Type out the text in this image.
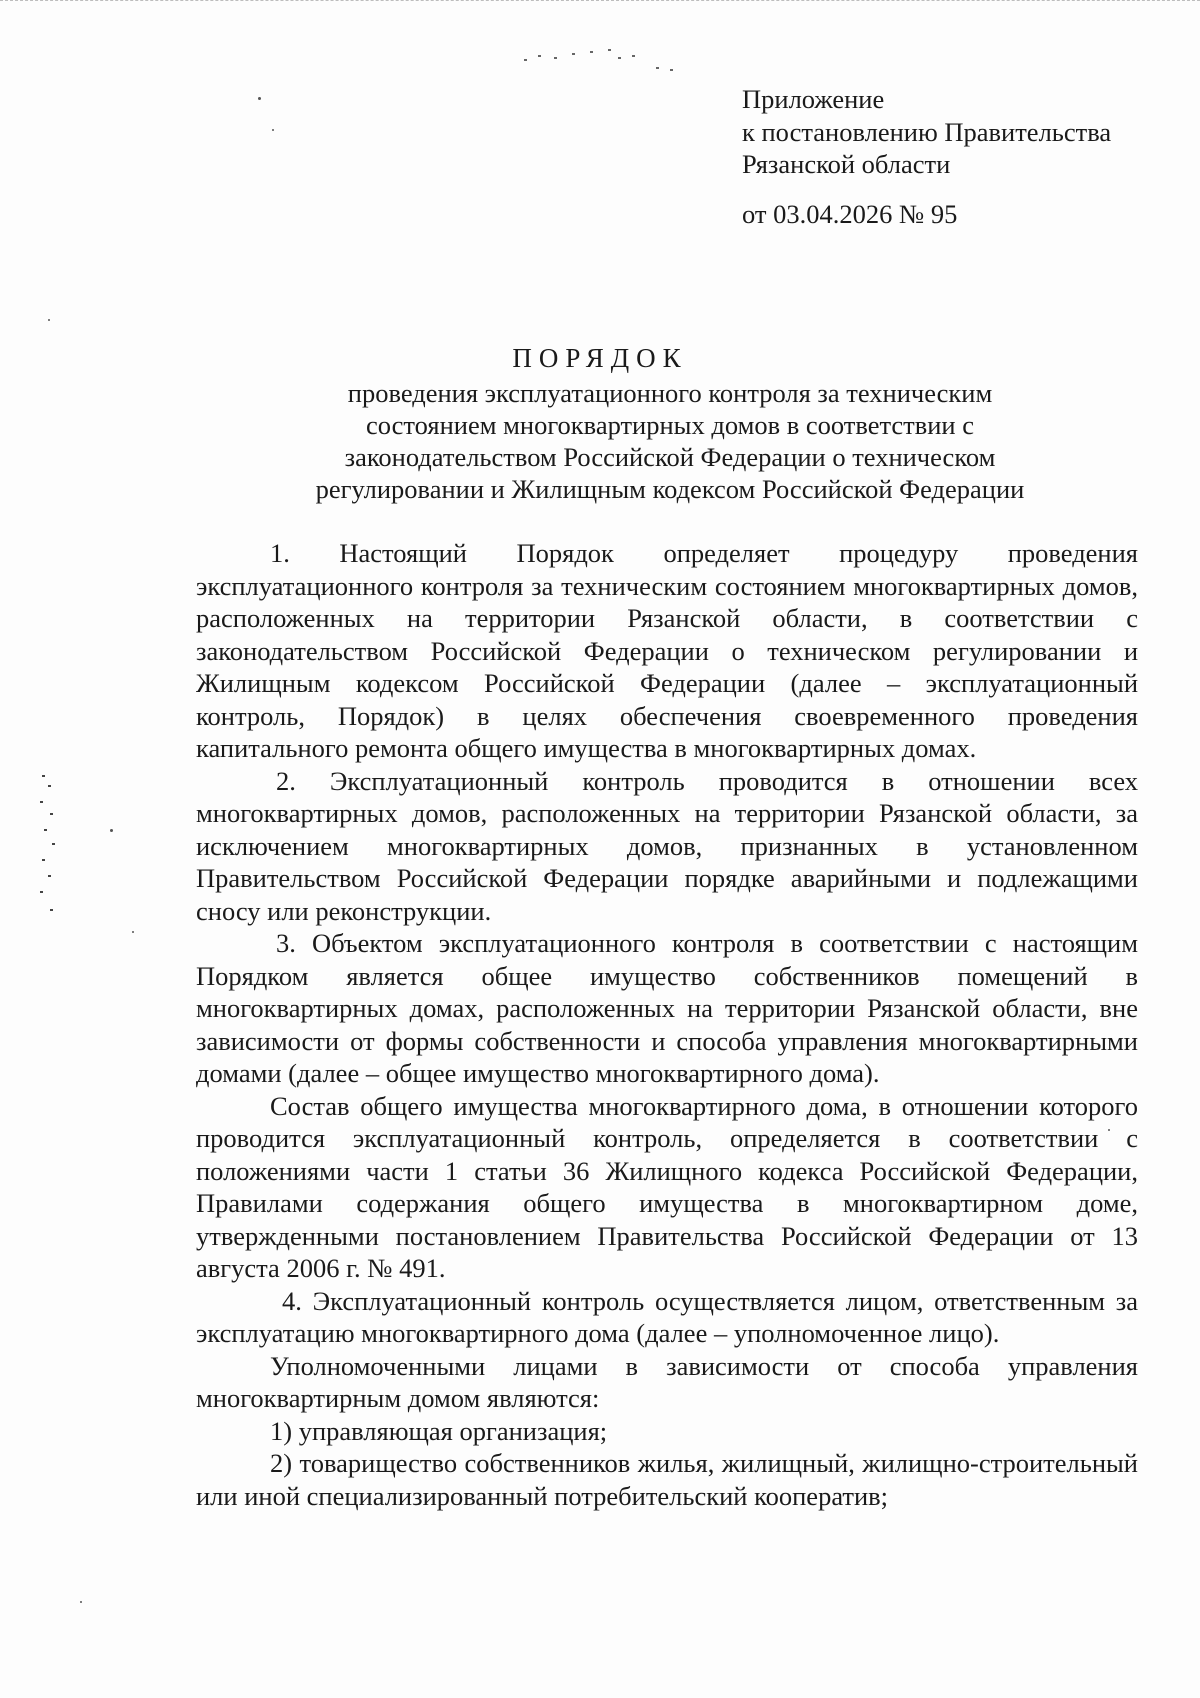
Приложение
к постановлению Правительства
Рязанской области
от 03.04.2026 № 95
ПОРЯДОК
проведения эксплуатационного контроля за техническим
состоянием многоквартирных домов в соответствии с
законодательством Российской Федерации о техническом
регулировании и Жилищным кодексом Российской Федерации

1. Настоящий Порядок определяет процедуру проведения эксплуатационного контроля за техническим состоянием многоквартирных домов, расположенных на территории Рязанской области, в соответствии с законодательством Российской Федерации о техническом регулировании и Жилищным кодексом Российской Федерации (далее – эксплуатационный контроль, Порядок) в целях обеспечения своевременного проведения капитального ремонта общего имущества в многоквартирных домах.

2. Эксплуатационный контроль проводится в отношении всех многоквартирных домов, расположенных на территории Рязанской области, за исключением многоквартирных домов, признанных в установленном Правительством Российской Федерации порядке аварийными и подлежащими сносу или реконструкции.

3. Объектом эксплуатационного контроля в соответствии с настоящим Порядком является общее имущество собственников помещений в многоквартирных домах, расположенных на территории Рязанской области, вне зависимости от формы собственности и способа управления многоквартирными домами (далее – общее имущество многоквартирного дома).

Состав общего имущества многоквартирного дома, в отношении которого проводится эксплуатационный контроль, определяется в соответствии с положениями части 1 статьи 36 Жилищного кодекса Российской Федерации, Правилами содержания общего имущества в многоквартирном доме, утвержденными постановлением Правительства Российской Федерации от 13 августа 2006 г. № 491.

4. Эксплуатационный контроль осуществляется лицом, ответственным за эксплуатацию многоквартирного дома (далее – уполномоченное лицо).

Уполномоченными лицами в зависимости от способа управления многоквартирным домом являются:

1) управляющая организация;

2) товарищество собственников жилья, жилищный, жилищно-строительный или иной специализированный потребительский кооператив;
